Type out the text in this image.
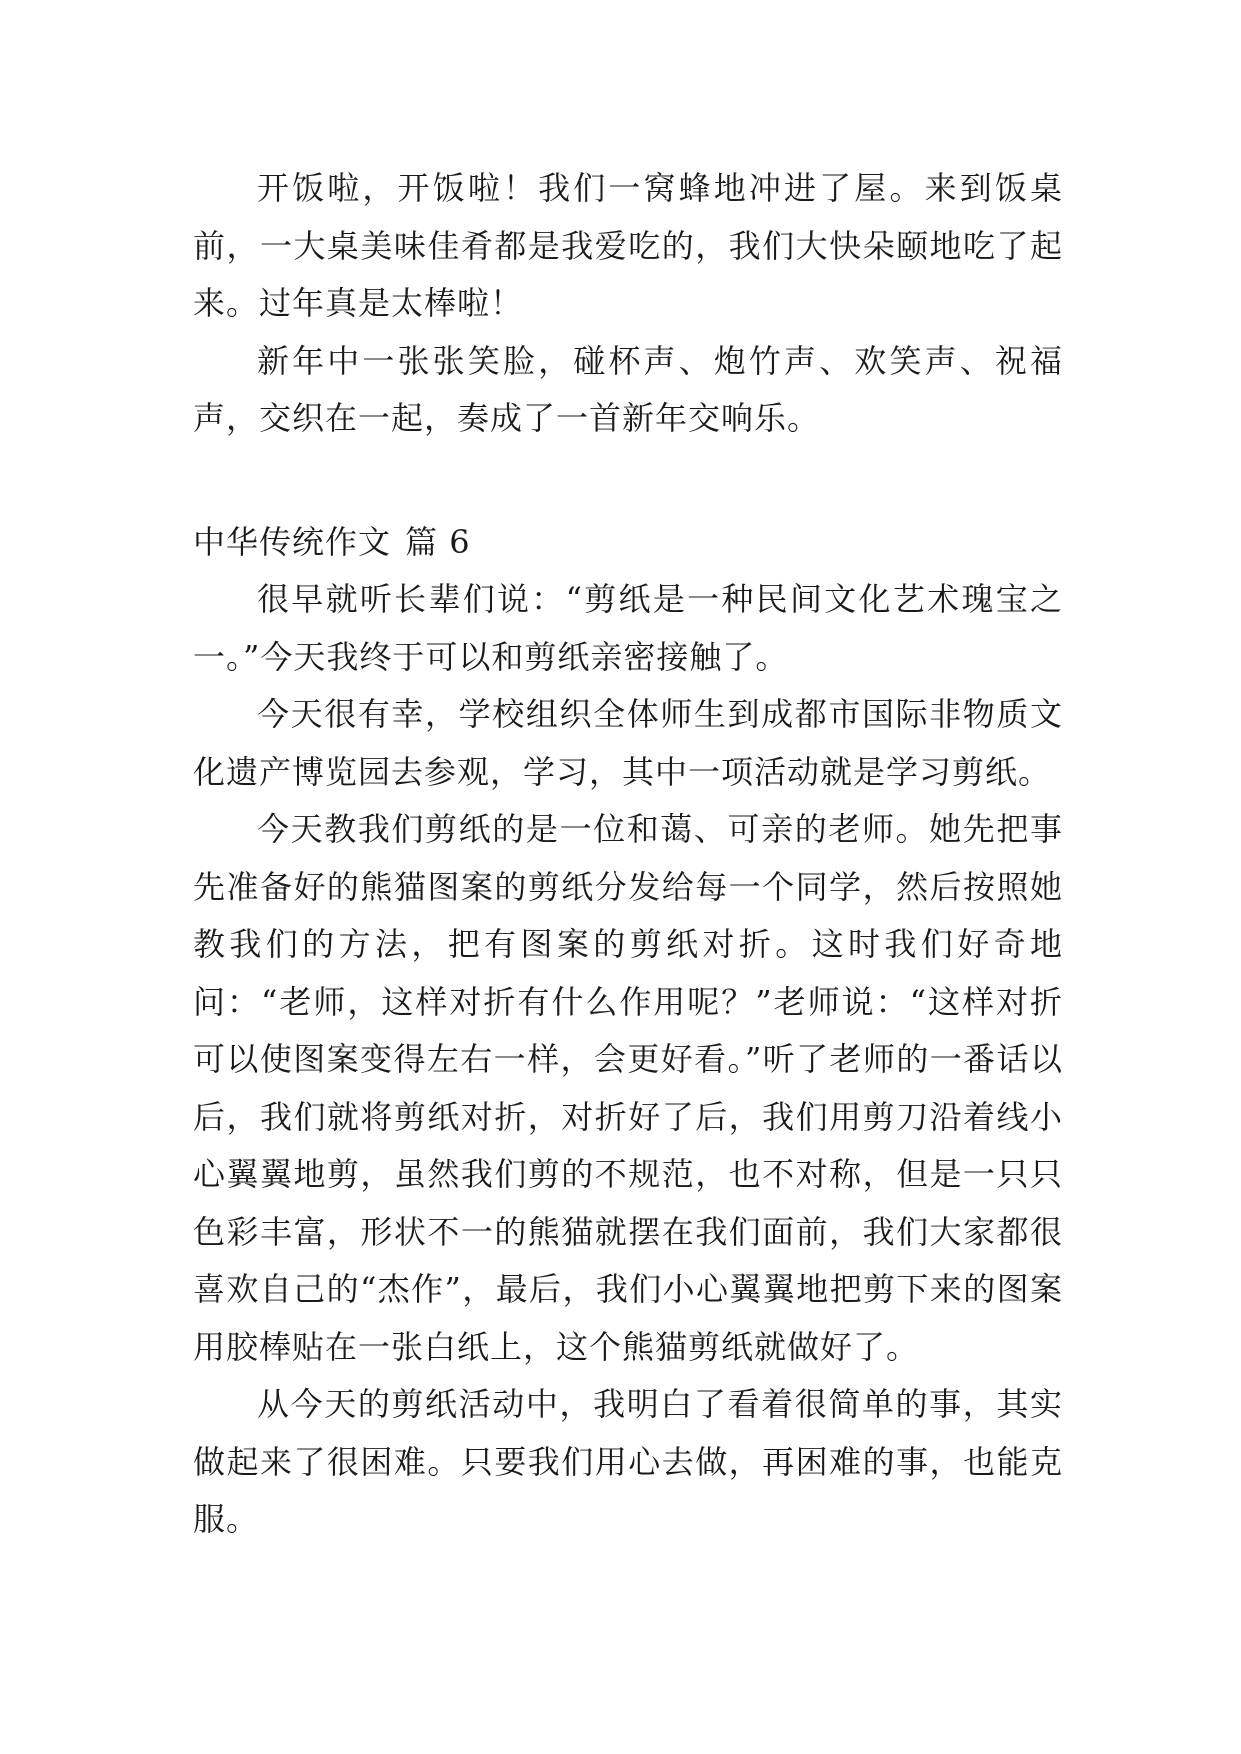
开饭啦，开饭啦！我们一窝蜂地冲进了屋。来到饭桌前，一大桌美味佳肴都是我爱吃的，我们大快朵颐地吃了起来。过年真是太棒啦！

新年中一张张笑脸，碰杯声、炮竹声、欢笑声、祝福声，交织在一起，奏成了一首新年交响乐。

中华传统作文 篇 6

很早就听长辈们说：“剪纸是一种民间文化艺术瑰宝之一。”今天我终于可以和剪纸亲密接触了。

今天很有幸，学校组织全体师生到成都市国际非物质文化遗产博览园去参观，学习，其中一项活动就是学习剪纸。

今天教我们剪纸的是一位和蔼、可亲的老师。她先把事先准备好的熊猫图案的剪纸分发给每一个同学，然后按照她教我们的方法，把有图案的剪纸对折。这时我们好奇地问：“老师，这样对折有什么作用呢？”老师说：“这样对折可以使图案变得左右一样，会更好看。”听了老师的一番话以后，我们就将剪纸对折，对折好了后，我们用剪刀沿着线小心翼翼地剪，虽然我们剪的不规范，也不对称，但是一只只色彩丰富，形状不一的熊猫就摆在我们面前，我们大家都很喜欢自己的“杰作”，最后，我们小心翼翼地把剪下来的图案用胶棒贴在一张白纸上，这个熊猫剪纸就做好了。

从今天的剪纸活动中，我明白了看着很简单的事，其实做起来了很困难。只要我们用心去做，再困难的事，也能克服。
